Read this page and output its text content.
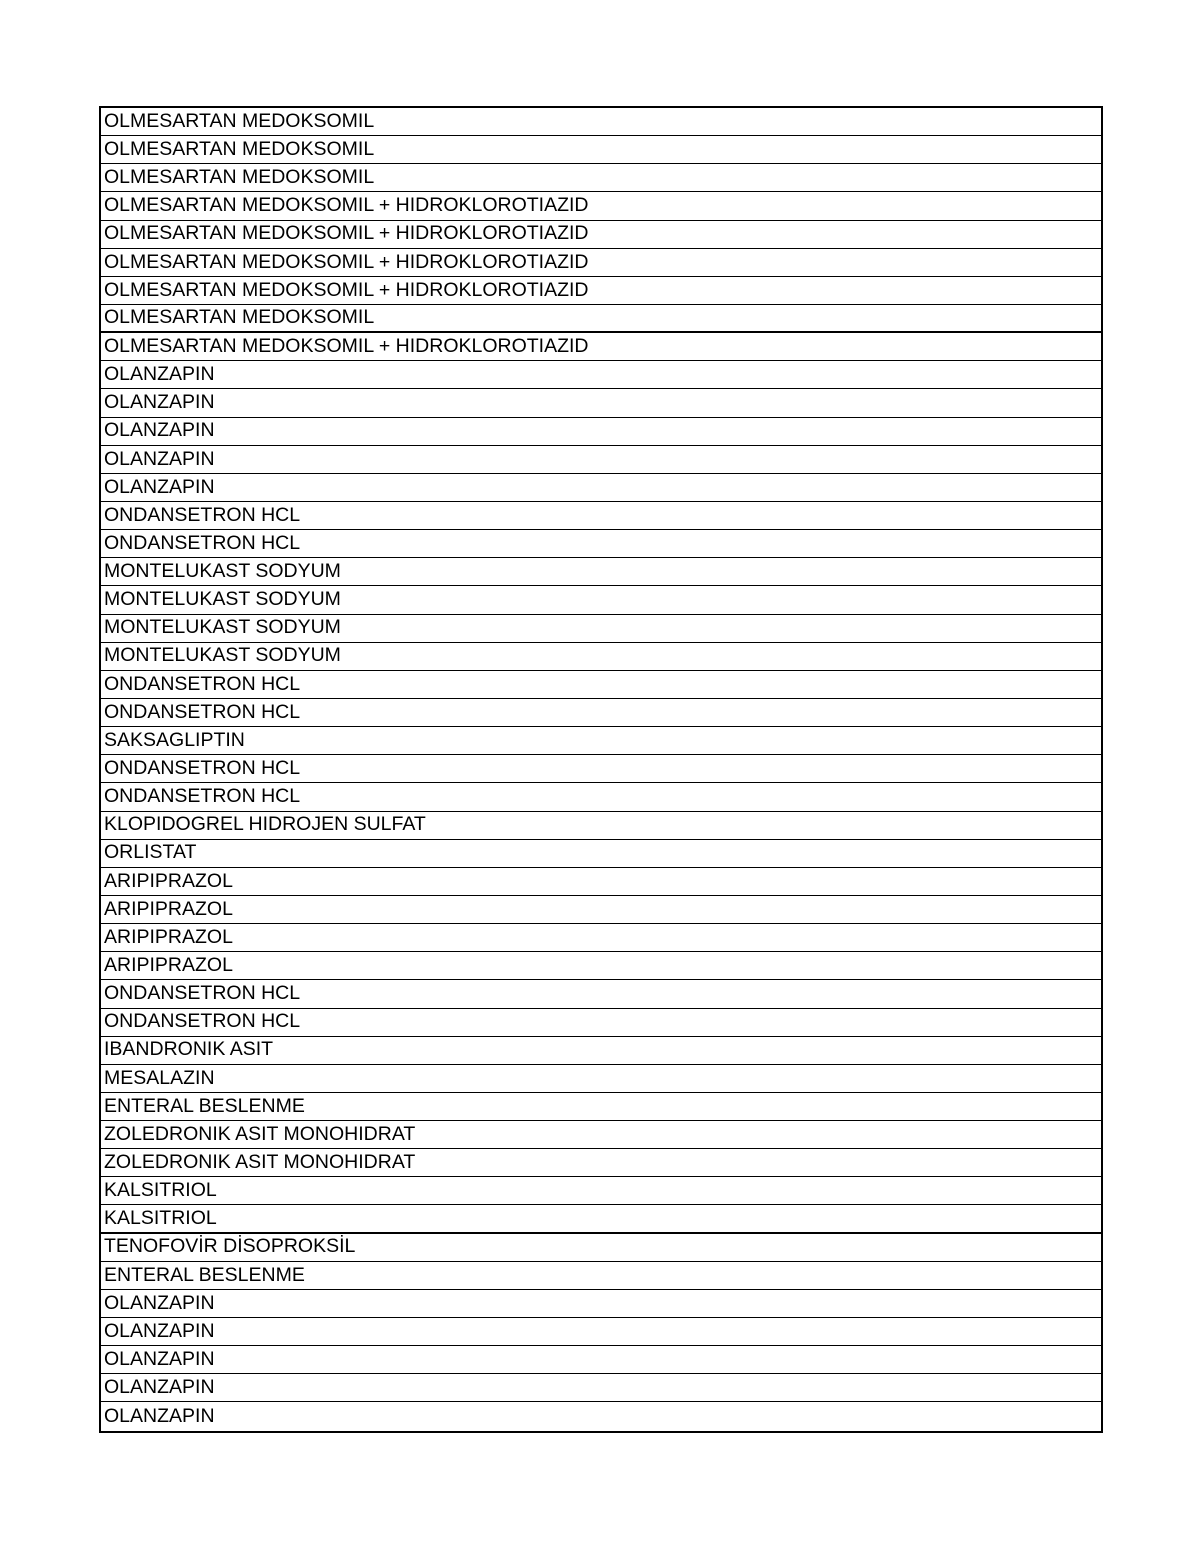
OLMESARTAN MEDOKSOMIL
OLMESARTAN MEDOKSOMIL
OLMESARTAN MEDOKSOMIL
OLMESARTAN MEDOKSOMIL + HIDROKLOROTIAZID
OLMESARTAN MEDOKSOMIL + HIDROKLOROTIAZID
OLMESARTAN MEDOKSOMIL + HIDROKLOROTIAZID
OLMESARTAN MEDOKSOMIL + HIDROKLOROTIAZID
OLMESARTAN MEDOKSOMIL
OLMESARTAN MEDOKSOMIL + HIDROKLOROTIAZID
OLANZAPIN
OLANZAPIN
OLANZAPIN
OLANZAPIN
OLANZAPIN
ONDANSETRON HCL
ONDANSETRON HCL
MONTELUKAST SODYUM
MONTELUKAST SODYUM
MONTELUKAST SODYUM
MONTELUKAST SODYUM
ONDANSETRON HCL
ONDANSETRON HCL
SAKSAGLIPTIN
ONDANSETRON HCL
ONDANSETRON HCL
KLOPIDOGREL HIDROJEN SULFAT
ORLISTAT
ARIPIPRAZOL
ARIPIPRAZOL
ARIPIPRAZOL
ARIPIPRAZOL
ONDANSETRON HCL
ONDANSETRON HCL
IBANDRONIK ASIT
MESALAZIN
ENTERAL BESLENME
ZOLEDRONIK ASIT MONOHIDRAT
ZOLEDRONIK ASIT MONOHIDRAT
KALSITRIOL
KALSITRIOL
TENOFOVİR DİSOPROKSİL
ENTERAL BESLENME
OLANZAPIN
OLANZAPIN
OLANZAPIN
OLANZAPIN
OLANZAPIN
